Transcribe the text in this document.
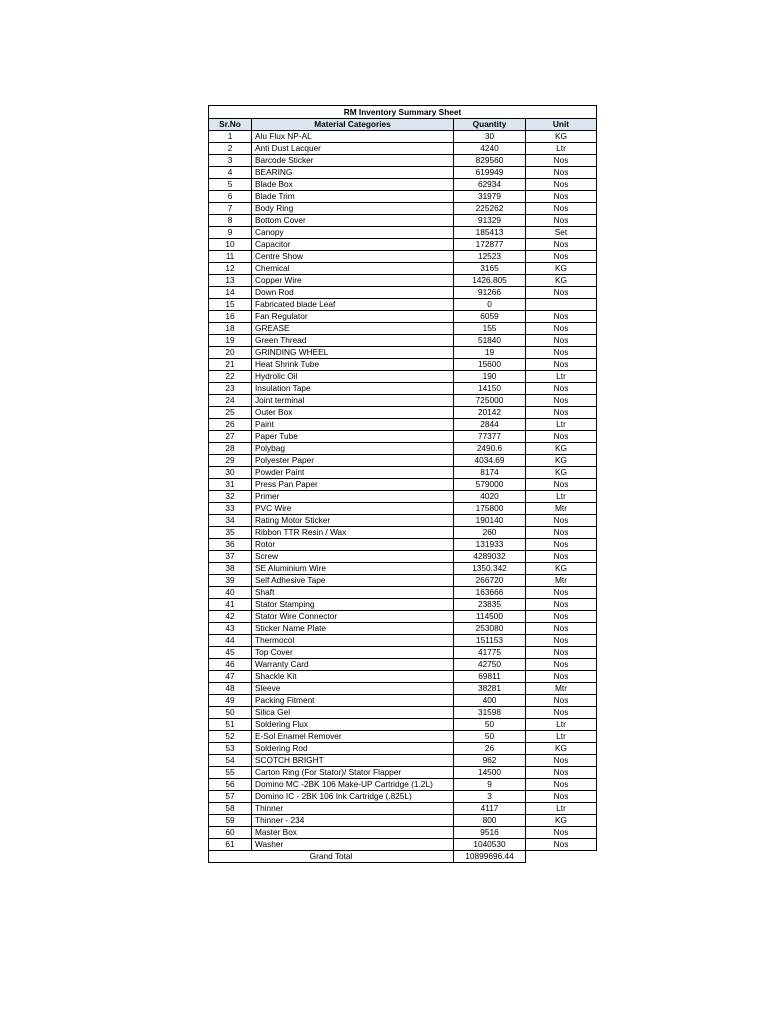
RM Inventory Summary Sheet			
Sr.No	Material Categories	Quantity	Unit
1	Alu Flux NP-AL	30	KG
2	Anti Dust Lacquer	4240	Ltr
3	Barcode Sticker	829560	Nos
4	BEARING	619949	Nos
5	Blade Box	62934	Nos
6	Blade Trim	31979	Nos
7	Body Ring	225262	Nos
8	Bottom Cover	91329	Nos
9	Canopy	185413	Set
10	Capacitor	172877	Nos
11	Centre Show	12523	Nos
12	Chemical	3165	KG
13	Copper Wire	1426.805	KG
14	Down Rod	91266	Nos
15	Fabricated blade Leaf	0	
16	Fan Regulator	6059	Nos
18	GREASE	155	Nos
19	Green Thread	51840	Nos
20	GRINDING WHEEL	19	Nos
21	Heat Shrink Tube	15600	Nos
22	Hydrolic Oil	190	Ltr
23	Insulation Tape	14150	Nos
24	Joint terminal	725000	Nos
25	Outer Box	20142	Nos
26	Paint	2844	Ltr
27	Paper Tube	77377	Nos
28	Polybag	2490.6	KG
29	Polyester Paper	4034.69	KG
30	Powder Paint	8174	KG
31	Press Pan Paper	579000	Nos
32	Primer	4020	Ltr
33	PVC Wire	175800	Mtr
34	Rating Motor Sticker	190140	Nos
35	Ribbon TTR Resin / Wax	260	Nos
36	Rotor	131933	Nos
37	Screw	4289032	Nos
38	SE Aluminium Wire	1350.342	KG
39	Self Adhesive Tape	266720	Mtr
40	Shaft	163666	Nos
41	Stator Stamping	23835	Nos
42	Stator Wire Connector	114500	Nos
43	Sticker Name Plate	253080	Nos
44	Thermocol	151153	Nos
45	Top Cover	41775	Nos
46	Warranty Card	42750	Nos
47	Shackle Kit	69811	Nos
48	Sleeve	38281	Mtr
49	Packing Fitment	400	Nos
50	Silica Gel	31598	Nos
51	Soldering Flux	50	Ltr
52	E-Sol Enamel Remover	50	Ltr
53	Soldering Rod	26	KG
54	SCOTCH BRIGHT	962	Nos
55	Carton Ring (For Stator)/ Stator Flapper	14500	Nos
56	Domino MC -2BK 106 Make-UP Cartridge (1.2L)	9	Nos
57	Domino IC - 2BK 106 Ink Cartridge (.825L)	3	Nos
58	Thinner	4117	Ltr
59	Thinner - 234	800	KG
60	Master Box	9516	Nos
61	Washer	1040530	Nos
Grand Total		10899696.44	
